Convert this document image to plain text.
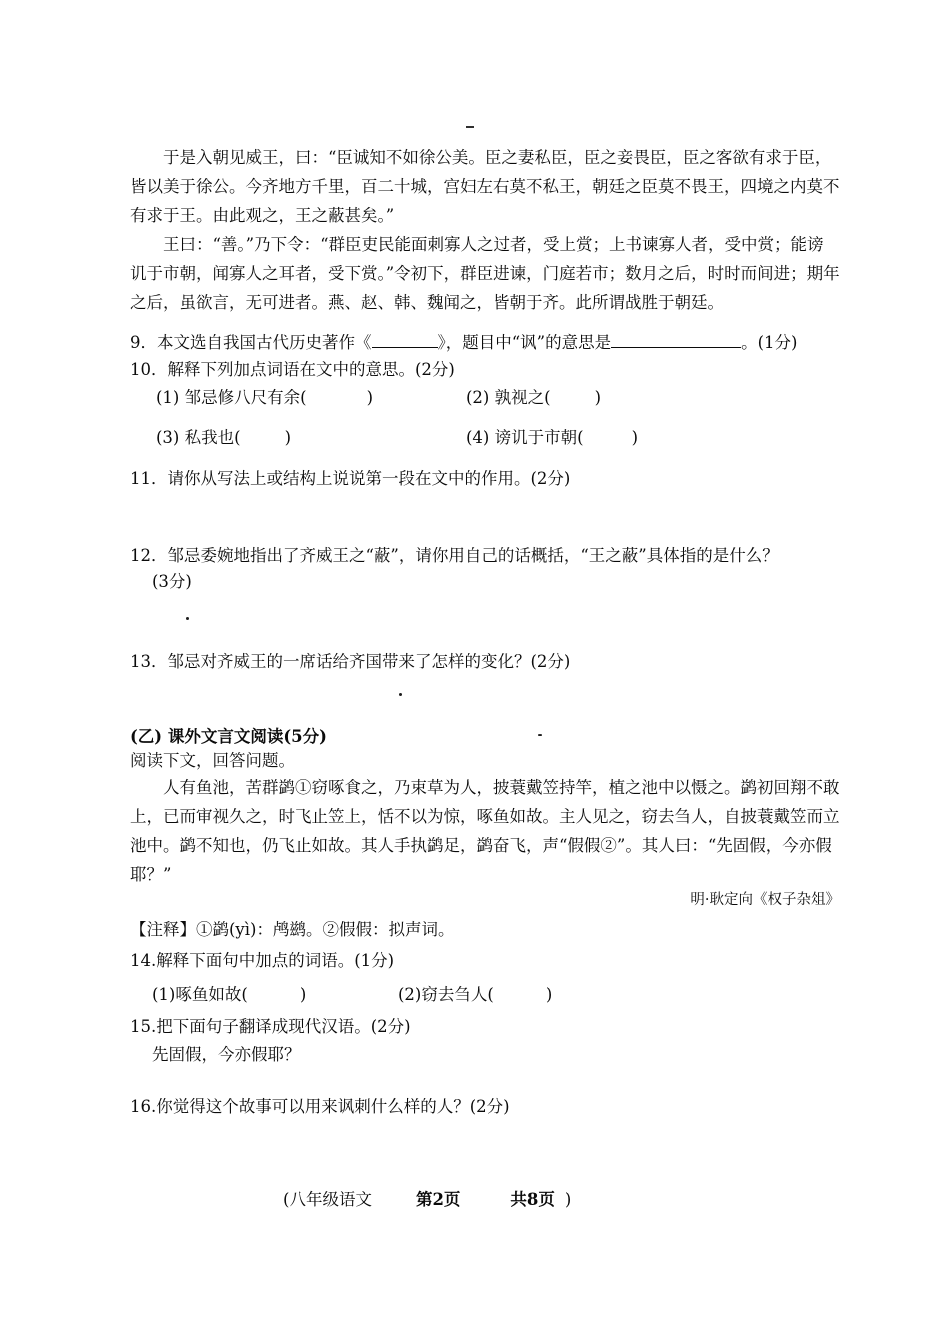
于是入朝见威王，曰：“臣诚知不如徐公美。臣之妻私臣，臣之妾畏臣，臣之客欲有求于臣，皆以美于徐公。今齐地方千里，百二十城，宫妇左右莫不私王，朝廷之臣莫不畏王，四境之内莫不有求于王。由此观之，王之蔽甚矣。”
王曰：“善。”乃下令：“群臣吏民能面刺寡人之过者，受上赏；上书谏寡人者，受中赏；能谤讥于市朝，闻寡人之耳者，受下赏。”令初下，群臣进谏，门庭若市；数月之后，时时而间进；期年之后，虽欲言，无可进者。燕、赵、韩、魏闻之，皆朝于齐。此所谓战胜于朝廷。
9．本文选自我国古代历史著作《	》，题目中“讽”的意思是	。(1分)
10．解释下列加点词语在文中的意思。(2分)
(1) 邹忌修八尺有余(	)	(2) 孰视之(	)
(3) 私我也(	)	(4) 谤讥于市朝(	)
11．请你从写法上或结构上说说第一段在文中的作用。(2分)
12．邹忌委婉地指出了齐威王之“蔽”，请你用自己的话概括，“王之蔽”具体指的是什么？
(3分)
13．邹忌对齐威王的一席话给齐国带来了怎样的变化？(2分)
(乙) 课外文言文阅读(5分)
阅读下文，回答问题。
人有鱼池，苦群鹢①窃啄食之，乃束草为人，披蓑戴笠持竿，植之池中以慑之。鹢初回翔不敢上，已而审视久之，时飞止笠上，恬不以为惊，啄鱼如故。主人见之，窃去刍人，自披蓑戴笠而立池中。鹢不知也，仍飞止如故。其人手执鹢足，鹢奋飞，声“假假②”。其人曰：“先固假，今亦假耶？”
明·耿定向《权子杂俎》
【注释】①鹢(yì)：鸬鹚。②假假：拟声词。
14.解释下面句中加点的词语。(1分)
(1)啄鱼如故(	)	(2)窃去刍人(	)
15.把下面句子翻译成现代汉语。(2分)
先固假，今亦假耶？
16.你觉得这个故事可以用来讽刺什么样的人？(2分)
(八年级语文	第2页	共8页 )
